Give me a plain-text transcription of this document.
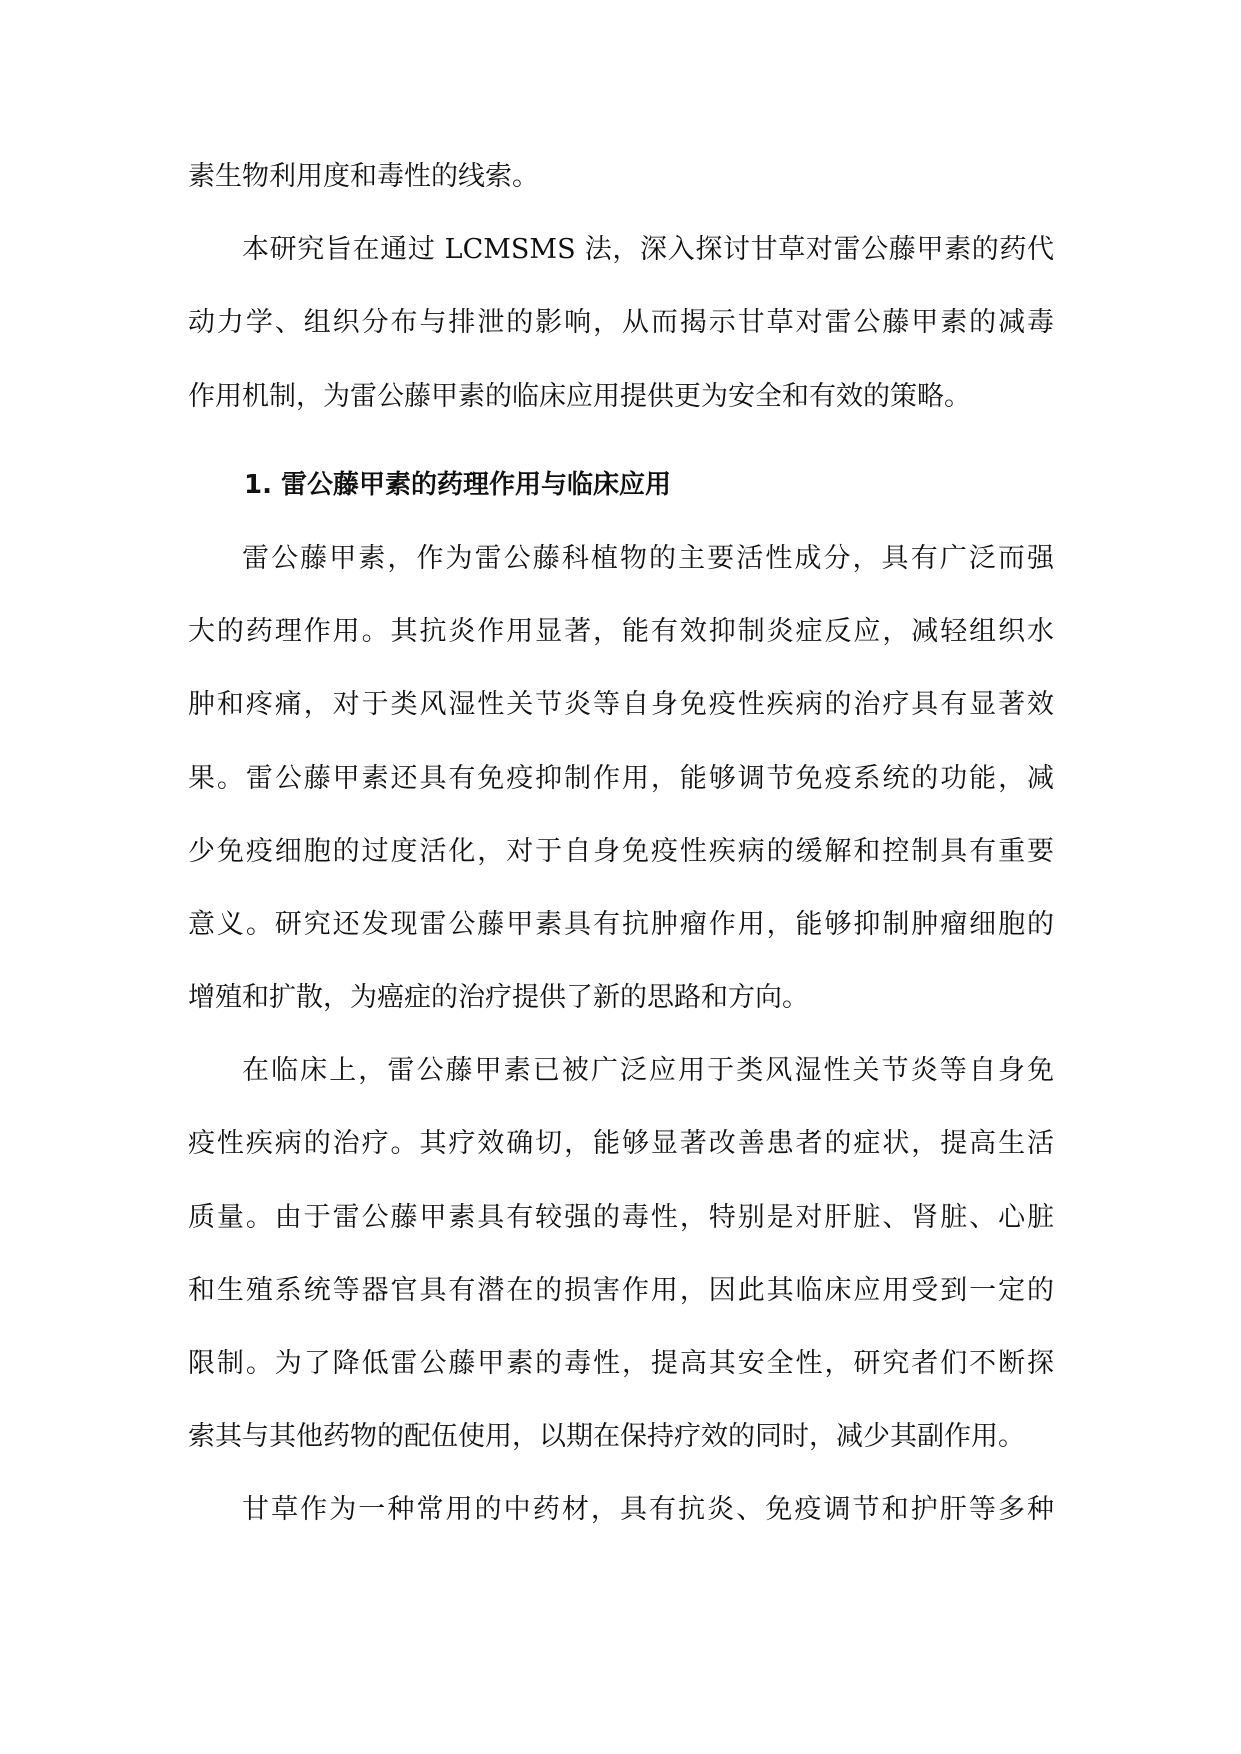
素生物利用度和毒性的线索。
本研究旨在通过 LCMSMS 法，深入探讨甘草对雷公藤甲素的药代
动力学、组织分布与排泄的影响，从而揭示甘草对雷公藤甲素的减毒
作用机制，为雷公藤甲素的临床应用提供更为安全和有效的策略。
1. 雷公藤甲素的药理作用与临床应用
雷公藤甲素，作为雷公藤科植物的主要活性成分，具有广泛而强
大的药理作用。其抗炎作用显著，能有效抑制炎症反应，减轻组织水
肿和疼痛，对于类风湿性关节炎等自身免疫性疾病的治疗具有显著效
果。雷公藤甲素还具有免疫抑制作用，能够调节免疫系统的功能，减
少免疫细胞的过度活化，对于自身免疫性疾病的缓解和控制具有重要
意义。研究还发现雷公藤甲素具有抗肿瘤作用，能够抑制肿瘤细胞的
增殖和扩散，为癌症的治疗提供了新的思路和方向。
在临床上，雷公藤甲素已被广泛应用于类风湿性关节炎等自身免
疫性疾病的治疗。其疗效确切，能够显著改善患者的症状，提高生活
质量。由于雷公藤甲素具有较强的毒性，特别是对肝脏、肾脏、心脏
和生殖系统等器官具有潜在的损害作用，因此其临床应用受到一定的
限制。为了降低雷公藤甲素的毒性，提高其安全性，研究者们不断探
索其与其他药物的配伍使用，以期在保持疗效的同时，减少其副作用。
甘草作为一种常用的中药材，具有抗炎、免疫调节和护肝等多种
